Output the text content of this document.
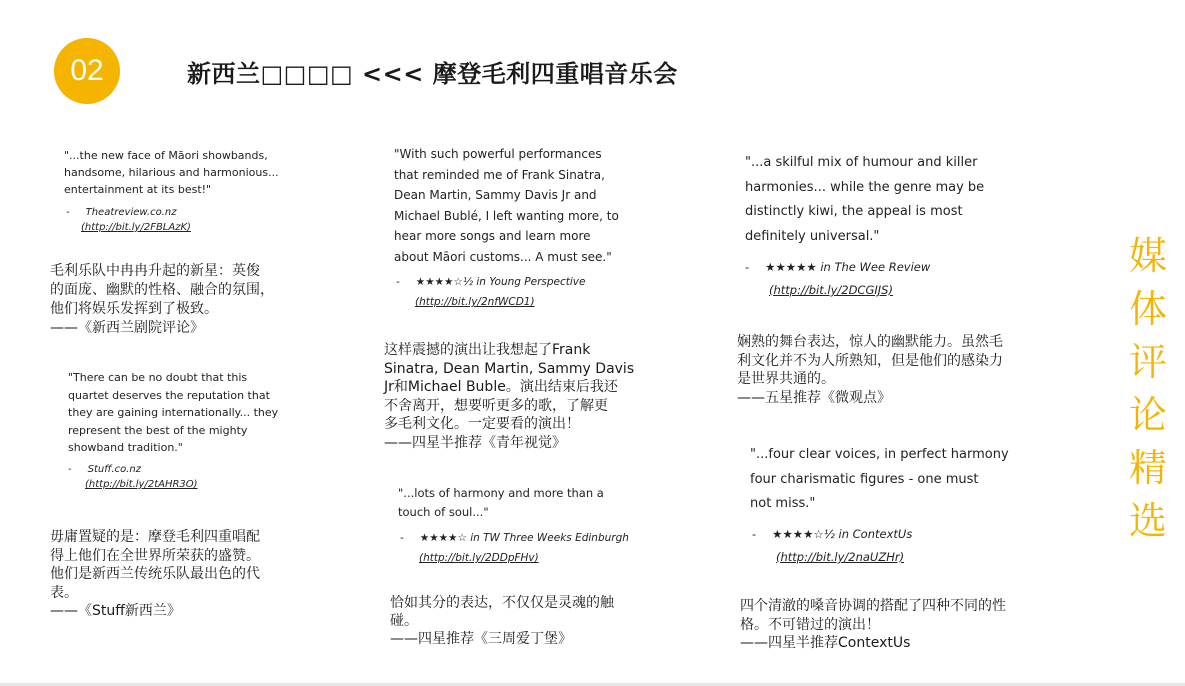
02	新西兰□□□□ <<< 摩登毛利四重唱音乐会
媒
体
评
论
精
选
"...the new face of Māori showbands,
handsome, hilarious and harmonious...
entertainment at its best!"
- Theatreview.co.nz
(http://bit.ly/2FBLAzK)
毛利乐队中冉冉升起的新星：英俊
的面庞、幽默的性格、融合的氛围，
他们将娱乐发挥到了极致。
——《新西兰剧院评论》
"There can be no doubt that this
quartet deserves the reputation that
they are gaining internationally... they
represent the best of the mighty
showband tradition."
- Stuff.co.nz
(http://bit.ly/2tAHR3O)
毋庸置疑的是：摩登毛利四重唱配
得上他们在全世界所荣获的盛赞。
他们是新西兰传统乐队最出色的代
表。
——《Stuff新西兰》
"With such powerful performances
that reminded me of Frank Sinatra,
Dean Martin, Sammy Davis Jr and
Michael Bublé, I left wanting more, to
hear more songs and learn more
about Māori customs... A must see."
- ★★★★☆½ in Young Perspective
(http://bit.ly/2nfWCD1)
这样震撼的演出让我想起了Frank
Sinatra, Dean Martin, Sammy Davis
Jr和Michael Buble。演出结束后我还
不舍离开，想要听更多的歌，了解更
多毛利文化。一定要看的演出！
——四星半推荐《青年视觉》
"...lots of harmony and more than a
touch of soul..."
- ★★★★☆ in TW Three Weeks Edinburgh
(http://bit.ly/2DDpFHv)
恰如其分的表达，不仅仅是灵魂的触
碰。
——四星推荐《三周爱丁堡》
"...a skilful mix of humour and killer
harmonies... while the genre may be
distinctly kiwi, the appeal is most
definitely universal."
- ★★★★★ in The Wee Review
(http://bit.ly/2DCGIJS)
娴熟的舞台表达，惊人的幽默能力。虽然毛
利文化并不为人所熟知，但是他们的感染力
是世界共通的。
——五星推荐《微观点》
"...four clear voices, in perfect harmony
four charismatic figures - one must
not miss."
- ★★★★☆½ in ContextUs
(http://bit.ly/2naUZHr)
四个清澈的嗓音协调的搭配了四种不同的性
格。不可错过的演出！
——四星半推荐ContextUs
